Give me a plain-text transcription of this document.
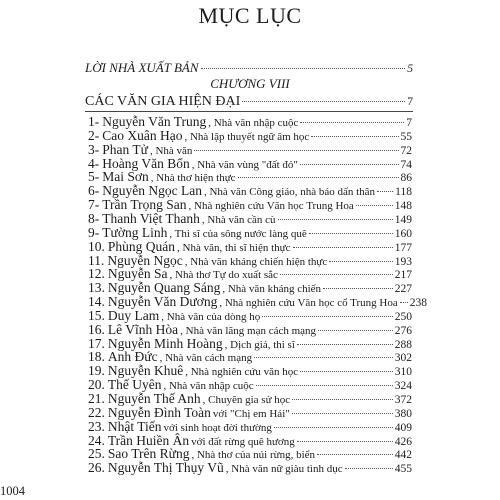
MỤC LỤC
LỜI NHÀ XUẤT BẢN	5
CHƯƠNG VIII
CÁC VĂN GIA HIỆN ĐẠI	7
1- Nguyễn Văn Trung , Nhà văn nhập cuộc	7
2- Cao Xuân Hạo , Nhà lập thuyết ngữ âm học	55
3- Phan Tử , Nhà văn	72
4- Hoàng Văn Bổn , Nhà văn vùng "đất đỏ"	74
5- Mai Sơn , Nhà thơ hiện thực	86
6- Nguyễn Ngọc Lan , Nhà văn Công giáo, nhà báo dấn thân 118
7- Trần Trọng San , Nhà nghiên cứu Văn học Trung Hoa	148
8- Thanh Việt Thanh , Nhà văn cần cù	149
9- Tường Linh , Thi sĩ của sông nước làng quê	160
10. Phùng Quán , Nhà văn, thi sĩ hiện thực	177
11. Nguyễn Ngọc , Nhà văn kháng chiến hiện thực	193
12. Nguyễn Sa , Nhà thơ Tự do xuất sắc	217
13. Nguyễn Quang Sáng , Nhà văn kháng chiến	227
14. Nguyễn Văn Dương , Nhà nghiên cứu Văn học cổ Trung Hoa 238
15. Duy Lam , Nhà văn của dòng họ	250
16. Lê Vĩnh Hòa , Nhà văn lãng mạn cách mạng	276
17. Nguyễn Minh Hoàng , Dịch giả, thi sĩ	288
18. Anh Đức , Nhà văn cách mạng	302
19. Nguyễn Khuê , Nhà nghiên cứu văn học	310
20. Thế Uyên , Nhà văn nhập cuộc	324
21. Nguyễn Thế Anh , Chuyên gia sử học	372
22. Nguyễn Đình Toàn với "Chị em Hải"	380
23. Nhật Tiến với sinh hoạt đời thường	409
24. Trần Huiền Ân với đất rừng quê hương	426
25. Sao Trên Rừng , Nhà thơ của núi rừng, biển	442
26. Nguyễn Thị Thụy Vũ , Nhà văn nữ giàu tình dục	455
1004
